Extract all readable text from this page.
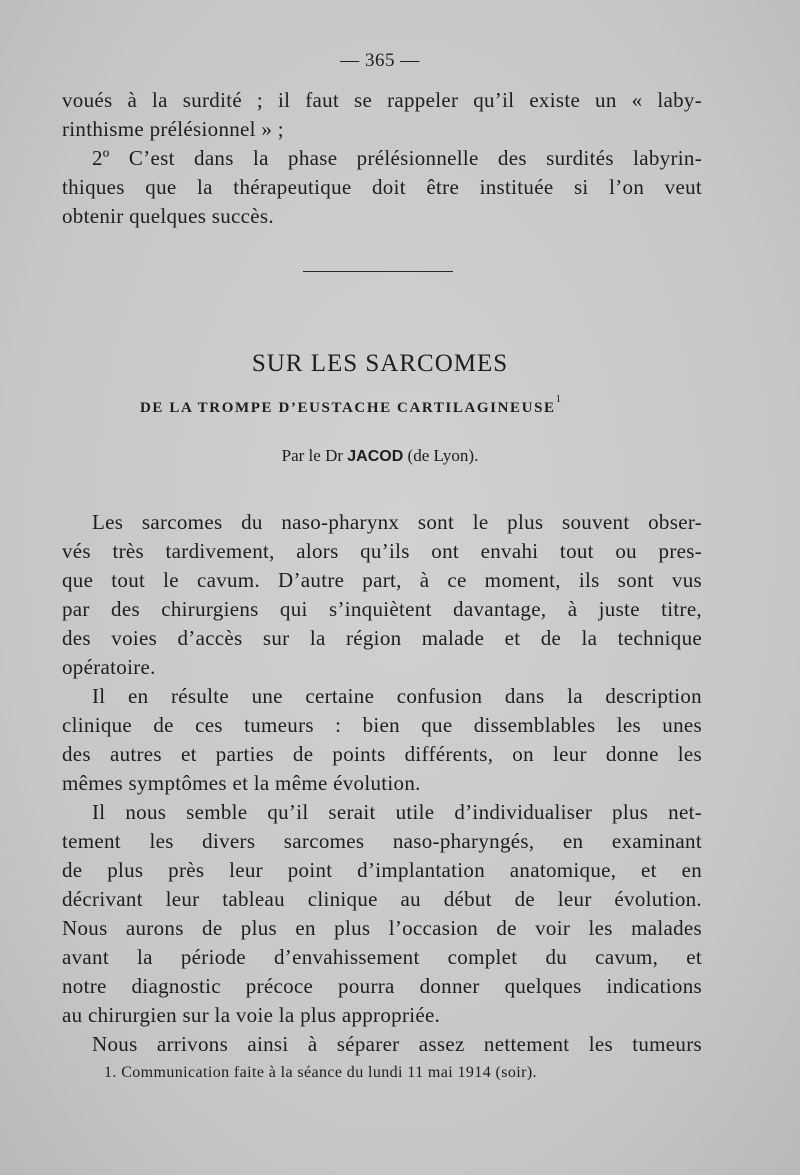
— 365 —

voués à la surdité ; il faut se rappeler qu’il existe un « laby-

rinthisme prélésionnel » ;

2º C’est dans la phase prélésionnelle des surdités labyrin-

thiques que la thérapeutique doit être instituée si l’on veut

obtenir quelques succès.

SUR LES SARCOMES

DE LA TROMPE D’EUSTACHE CARTILAGINEUSE$^1$

Par le Dr JACOD (de Lyon).

Les sarcomes du naso-pharynx sont le plus souvent obser-

vés très tardivement, alors qu’ils ont envahi tout ou pres-

que tout le cavum. D’autre part, à ce moment, ils sont vus

par des chirurgiens qui s’inquiètent davantage, à juste titre,

des voies d’accès sur la région malade et de la technique

opératoire.

Il en résulte une certaine confusion dans la description

clinique de ces tumeurs : bien que dissemblables les unes

des autres et parties de points différents, on leur donne les

mêmes symptômes et la même évolution.

Il nous semble qu’il serait utile d’individualiser plus net-

tement les divers sarcomes naso-pharyngés, en examinant

de plus près leur point d’implantation anatomique, et en

décrivant leur tableau clinique au début de leur évolution.

Nous aurons de plus en plus l’occasion de voir les malades

avant la période d’envahissement complet du cavum, et

notre diagnostic précoce pourra donner quelques indications

au chirurgien sur la voie la plus appropriée.

Nous arrivons ainsi à séparer assez nettement les tumeurs

1. Communication faite à la séance du lundi 11 mai 1914 (soir).
